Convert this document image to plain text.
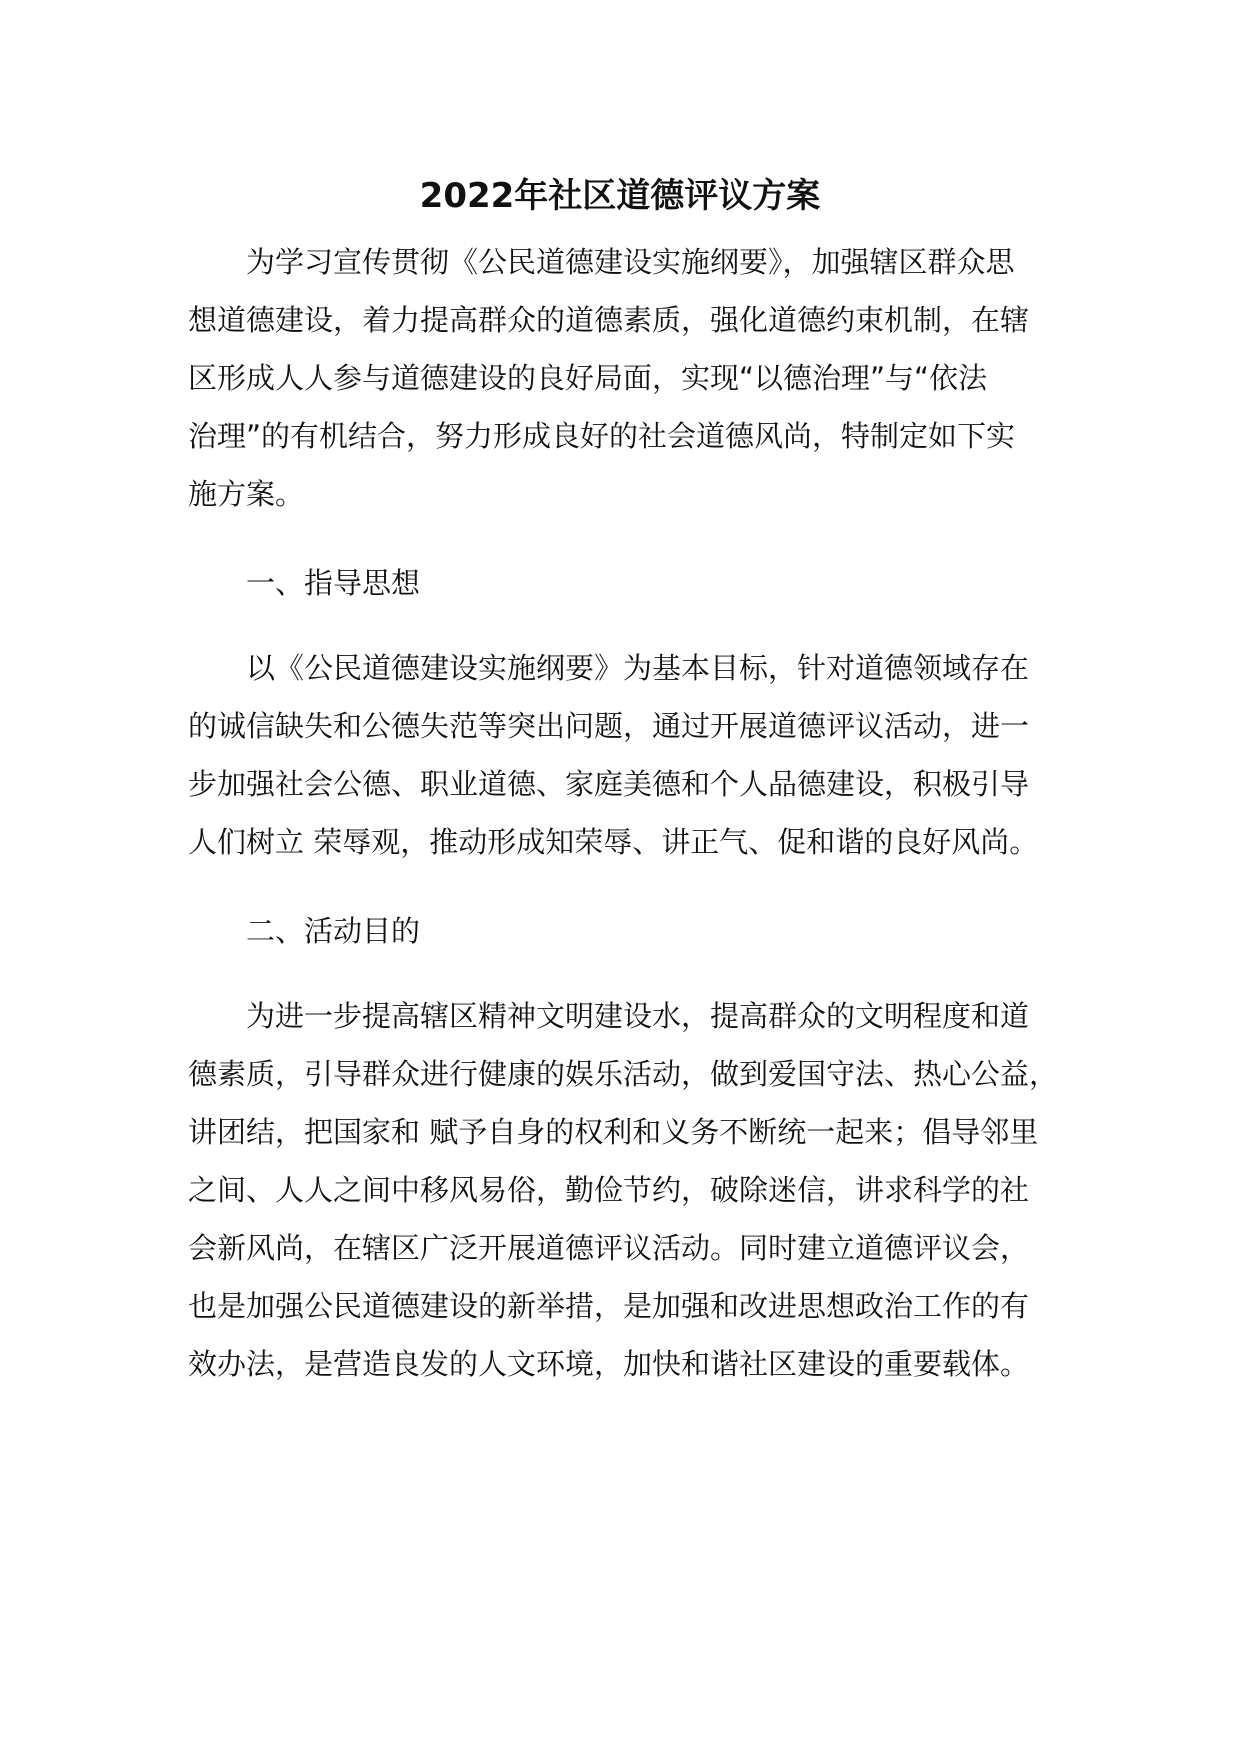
2022年社区道德评议方案

为学习宣传贯彻《公民道德建设实施纲要》，加强辖区群众思

想道德建设，着力提高群众的道德素质，强化道德约束机制，在辖

区形成人人参与道德建设的良好局面，实现“以德治理”与“依法

治理”的有机结合，努力形成良好的社会道德风尚，特制定如下实

施方案。

一、指导思想

以《公民道德建设实施纲要》为基本目标，针对道德领域存在

的诚信缺失和公德失范等突出问题，通过开展道德评议活动，进一

步加强社会公德、职业道德、家庭美德和个人品德建设，积极引导

人们树立 荣辱观，推动形成知荣辱、讲正气、促和谐的良好风尚。

二、活动目的

为进一步提高辖区精神文明建设水，提高群众的文明程度和道

德素质，引导群众进行健康的娱乐活动，做到爱国守法、热心公益，

讲团结，把国家和 赋予自身的权利和义务不断统一起来；倡导邻里

之间、人人之间中移风易俗，勤俭节约，破除迷信，讲求科学的社

会新风尚，在辖区广泛开展道德评议活动。同时建立道德评议会，

也是加强公民道德建设的新举措，是加强和改进思想政治工作的有

效办法，是营造良发的人文环境，加快和谐社区建设的重要载体。
